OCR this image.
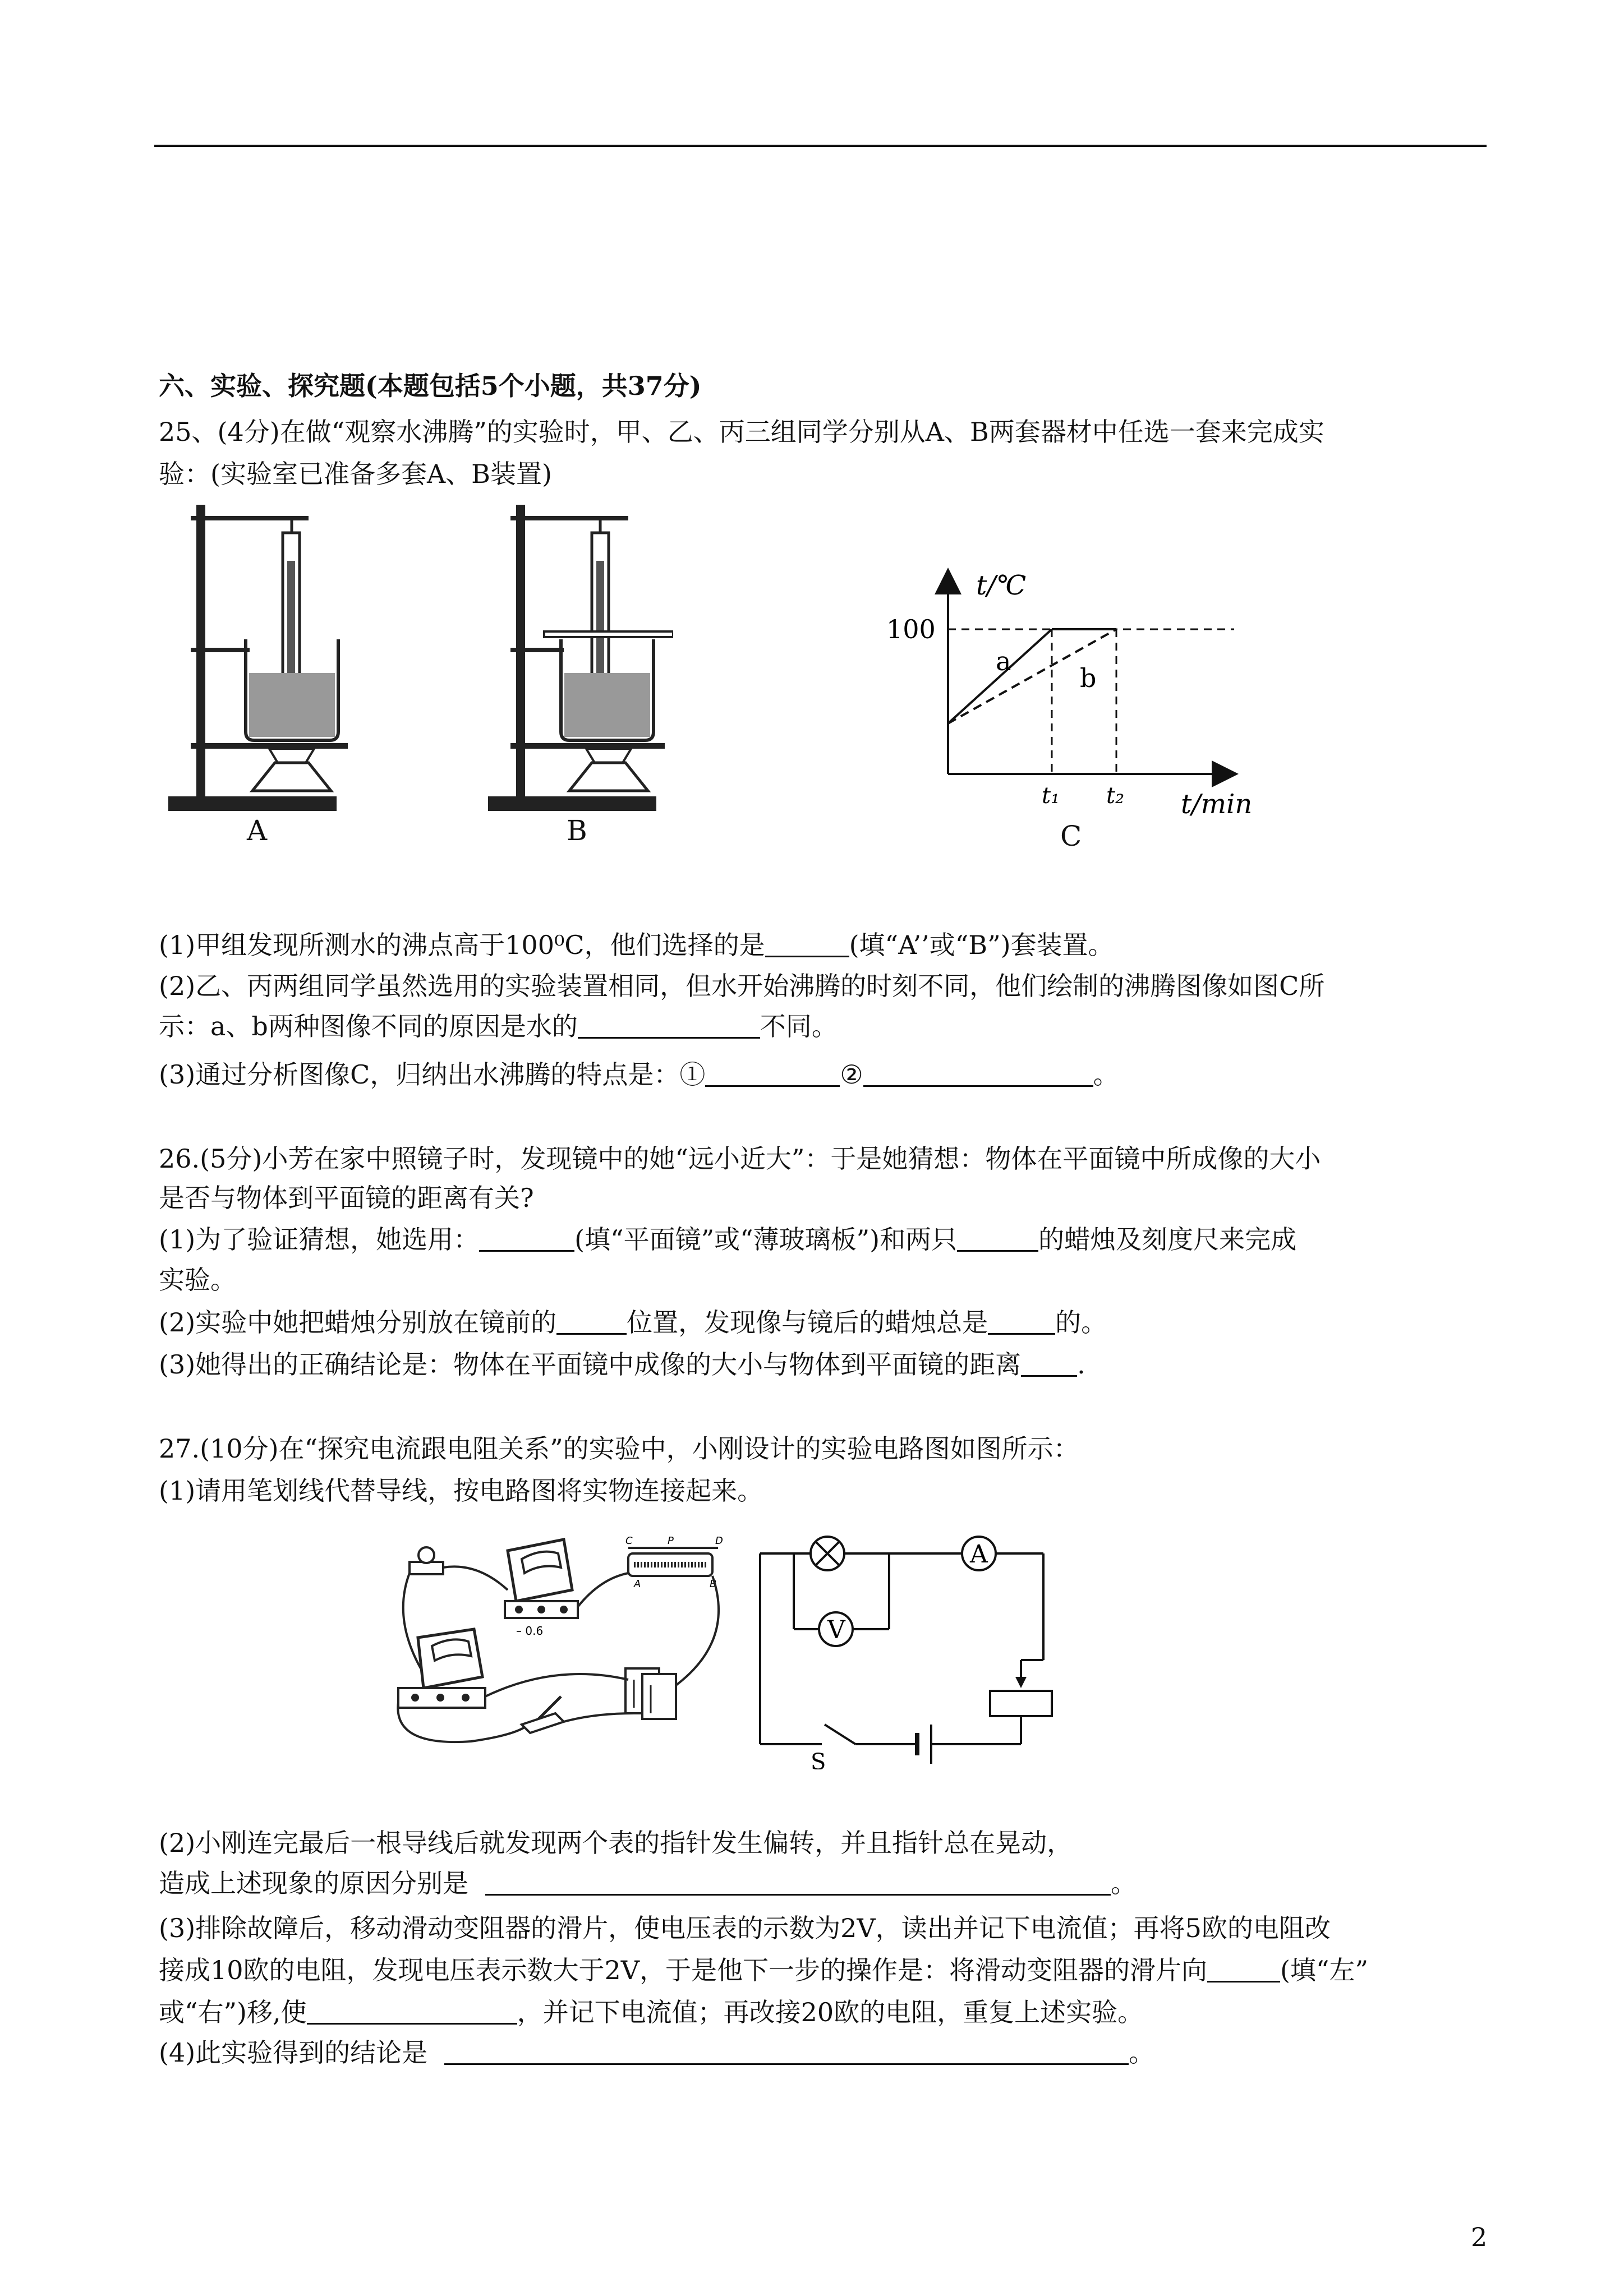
六、实验、探究题(本题包括5个小题，共37分)
25、(4分)在做“观察水沸腾”的实验时，甲、乙、丙三组同学分别从A、B两套器材中任选一套来完成实
验：(实验室已准备多套A、B装置)
A	B
t/℃
t/min
100
a
b
t₁ t₂
C
(1)甲组发现所测水的沸点高于100⁰C，他们选择的是	(填“A’’或“B”)套装置。
(2)乙、丙两组同学虽然选用的实验装置相同，但水开始沸腾的时刻不同，他们绘制的沸腾图像如图C所
示：a、b两种图像不同的原因是水的	不同。
(3)通过分析图像C，归纳出水沸腾的特点是：①	②	。
26.(5分)小芳在家中照镜子时，发现镜中的她“远小近大”：于是她猜想：物体在平面镜中所成像的大小
是否与物体到平面镜的距离有关?
(1)为了验证猜想，她选用：	(填“平面镜”或“薄玻璃板”)和两只	的蜡烛及刻度尺来完成
实验。
(2)实验中她把蜡烛分别放在镜前的	位置，发现像与镜后的蜡烛总是	的。
(3)她得出的正确结论是：物体在平面镜中成像的大小与物体到平面镜的距离 .
27.(10分)在“探究电流跟电阻关系”的实验中，小刚设计的实验电路图如图所示：
(1)请用笔划线代替导线，按电路图将实物连接起来。
– 0.6
C	P	D
A	B
V
A
S
(2)小刚连完最后一根导线后就发现两个表的指针发生偏转，并且指针总在晃动，
造成上述现象的原因分别是	。
(3)排除故障后，移动滑动变阻器的滑片，使电压表的示数为2V，读出并记下电流值；再将5欧的电阻改
接成10欧的电阻，发现电压表示数大于2V，于是他下一步的操作是：将滑动变阻器的滑片向	(填“左”
或“右”)移,使	，并记下电流值；再改接20欧的电阻，重复上述实验。
(4)此实验得到的结论是	。
2
